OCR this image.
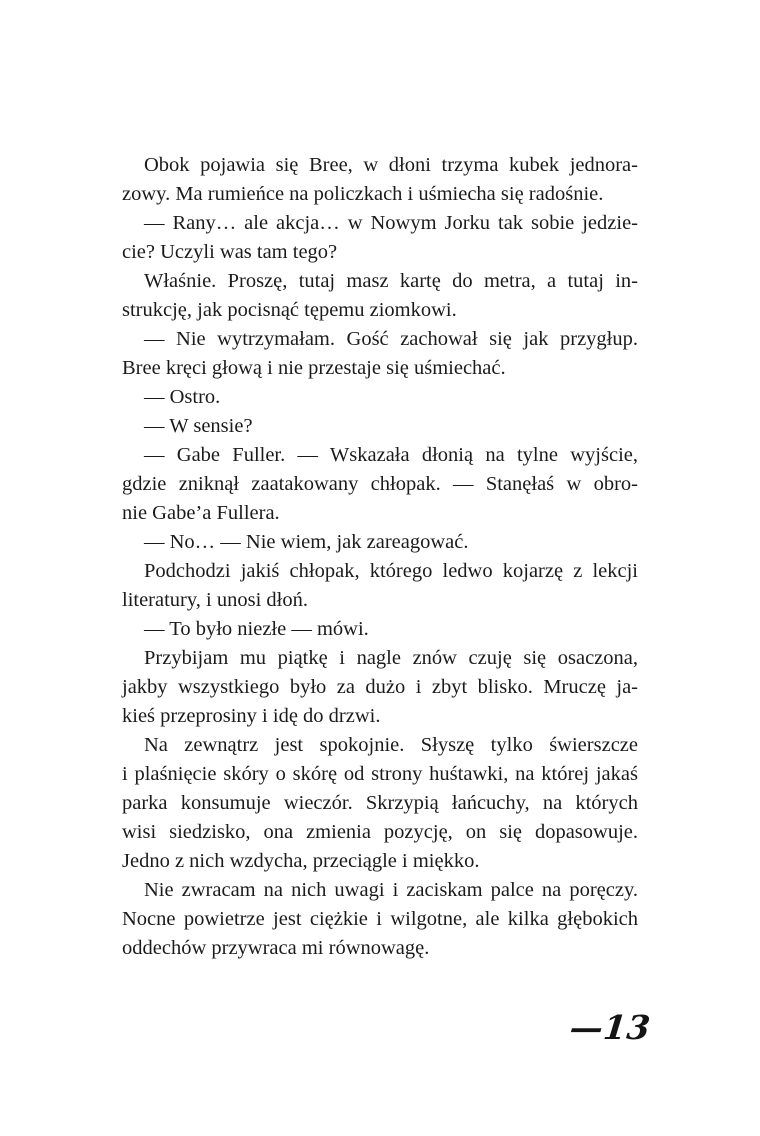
Obok pojawia się Bree, w dłoni trzyma kubek jednora-
zowy. Ma rumieńce na policzkach i uśmiecha się radośnie.
— Rany… ale akcja… w Nowym Jorku tak sobie jedzie-
cie? Uczyli was tam tego?
Właśnie. Proszę, tutaj masz kartę do metra, a tutaj in-
strukcję, jak pocisnąć tępemu ziomkowi.
— Nie wytrzymałam. Gość zachował się jak przygłup.
Bree kręci głową i nie przestaje się uśmiechać.
— Ostro.
— W sensie?
— Gabe Fuller. — Wskazała dłonią na tylne wyjście,
gdzie zniknął zaatakowany chłopak. — Stanęłaś w obro-
nie Gabe’a Fullera.
— No… — Nie wiem, jak zareagować.
Podchodzi jakiś chłopak, którego ledwo kojarzę z lekcji
literatury, i unosi dłoń.
— To było niezłe — mówi.
Przybijam mu piątkę i nagle znów czuję się osaczona,
jakby wszystkiego było za dużo i zbyt blisko. Mruczę ja-
kieś przeprosiny i idę do drzwi.
Na zewnątrz jest spokojnie. Słyszę tylko świerszcze
i plaśnięcie skóry o skórę od strony huśtawki, na której jakaś
parka konsumuje wieczór. Skrzypią łańcuchy, na których
wisi siedzisko, ona zmienia pozycję, on się dopasowuje.
Jedno z nich wzdycha, przeciągle i miękko.
Nie zwracam na nich uwagi i zaciskam palce na poręczy.
Nocne powietrze jest ciężkie i wilgotne, ale kilka głębokich
oddechów przywraca mi równowagę.
—13
